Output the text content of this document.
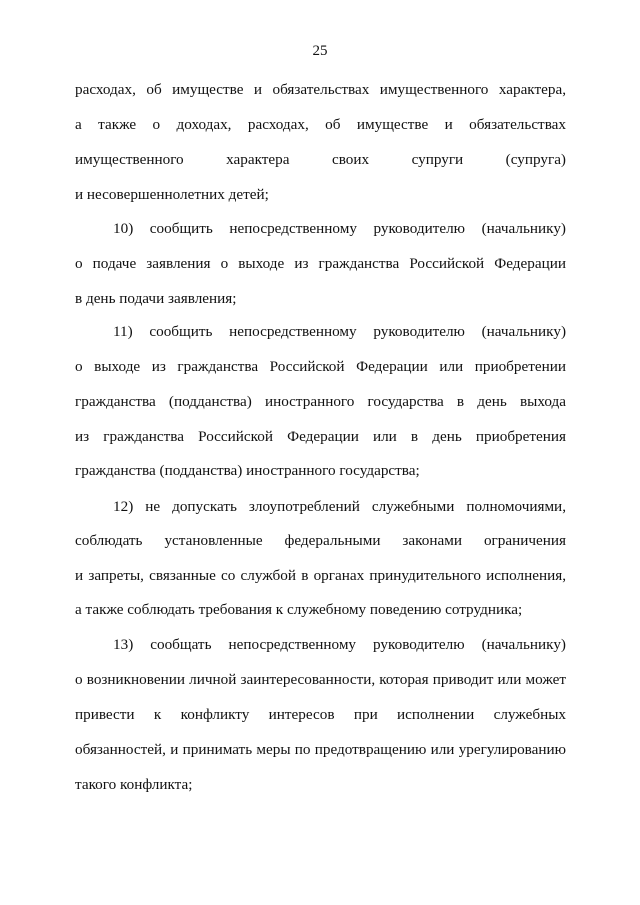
25
расходах, об имуществе и обязательствах имущественного характера,
а также о доходах, расходах, об имуществе и обязательствах
имущественного характера своих супруги (супруга)
и несовершеннолетних детей;
10) сообщить непосредственному руководителю (начальнику)
о подаче заявления о выходе из гражданства Российской Федерации
в день подачи заявления;
11) сообщить непосредственному руководителю (начальнику)
о выходе из гражданства Российской Федерации или приобретении
гражданства (подданства) иностранного государства в день выхода
из гражданства Российской Федерации или в день приобретения
гражданства (подданства) иностранного государства;
12) не допускать злоупотреблений служебными полномочиями,
соблюдать установленные федеральными законами ограничения
и запреты, связанные со службой в органах принудительного исполнения,
а также соблюдать требования к служебному поведению сотрудника;
13) сообщать непосредственному руководителю (начальнику)
о возникновении личной заинтересованности, которая приводит или может
привести к конфликту интересов при исполнении служебных
обязанностей, и принимать меры по предотвращению или урегулированию
такого конфликта;
